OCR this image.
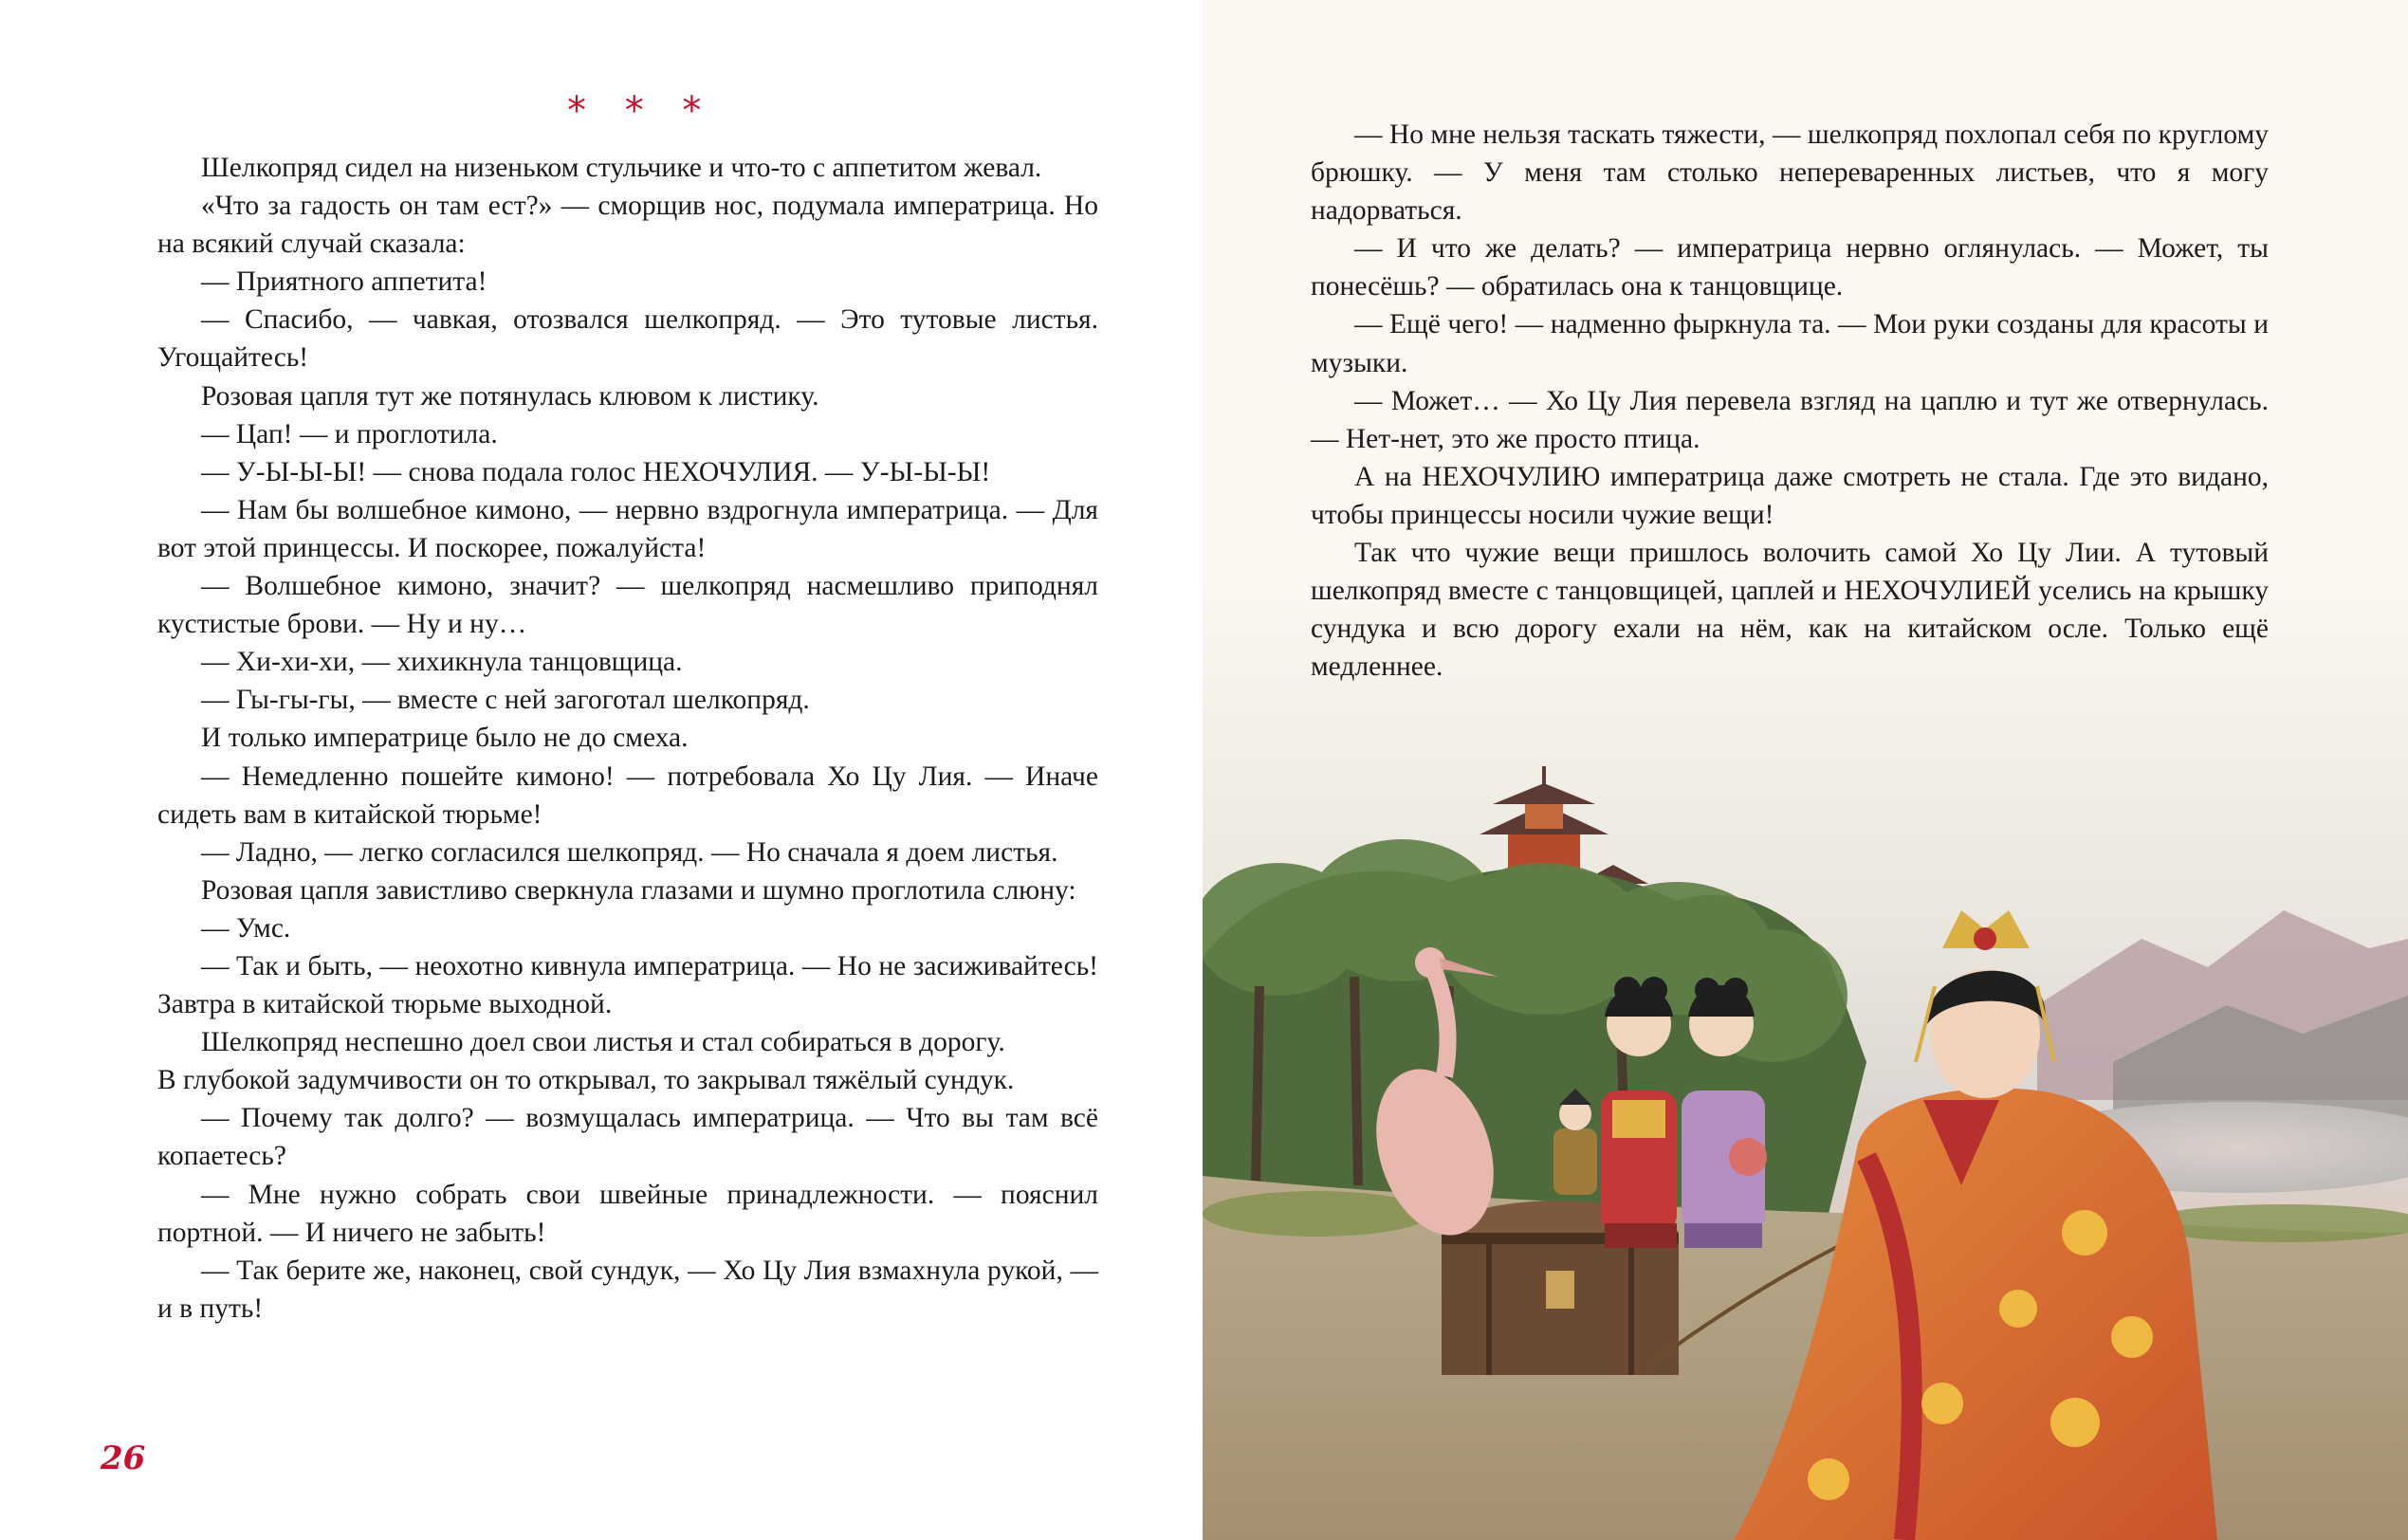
* * *

Шелкопряд сидел на низеньком стульчике и что-то с аппетитом жевал.

«Что за гадость он там ест?» — сморщив нос, подумала императрица. Но на всякий случай сказала:

— Приятного аппетита!

— Спасибо, — чавкая, отозвался шелкопряд. — Это тутовые листья. Угощайтесь!

Розовая цапля тут же потянулась клювом к листику.

— Цап! — и проглотила.

— У-Ы-Ы-Ы! — снова подала голос НЕХОЧУЛИЯ. — У-Ы-Ы-Ы!

— Нам бы волшебное кимоно, — нервно вздрогнула императрица. — Для вот этой принцессы. И поскорее, пожалуйста!

— Волшебное кимоно, значит? — шелкопряд насмешливо приподнял кустистые брови. — Ну и ну…

— Хи-хи-хи, — хихикнула танцовщица.

— Гы-гы-гы, — вместе с ней загоготал шелкопряд.

И только императрице было не до смеха.

— Немедленно пошейте кимоно! — потребовала Хо Цу Лия. — Иначе сидеть вам в китайской тюрьме!

— Ладно, — легко согласился шелкопряд. — Но сначала я доем листья.

Розовая цапля завистливо сверкнула глазами и шумно проглотила слюну:

— Умс.

— Так и быть, — неохотно кивнула императрица. — Но не засиживайтесь! Завтра в китайской тюрьме выходной.

Шелкопряд неспешно доел свои листья и стал собираться в дорогу.

В глубокой задумчивости он то открывал, то закрывал тяжёлый сундук.

— Почему так долго? — возмущалась императрица. — Что вы там всё копаетесь?

— Мне нужно собрать свои швейные принадлежности. — пояснил портной. — И ничего не забыть!

— Так берите же, наконец, свой сундук, — Хо Цу Лия взмахнула рукой, — и в путь!

26

— Но мне нельзя таскать тяжести, — шелкопряд похлопал себя по круглому брюшку. — У меня там столько непереваренных листьев, что я могу надорваться.

— И что же делать? — императрица нервно оглянулась. — Может, ты понесёшь? — обратилась она к танцовщице.

— Ещё чего! — надменно фыркнула та. — Мои руки созданы для красоты и музыки.

— Может… — Хо Цу Лия перевела взгляд на цаплю и тут же отвернулась. — Нет-нет, это же просто птица.

А на НЕХОЧУЛИЮ императрица даже смотреть не стала. Где это видано, чтобы принцессы носили чужие вещи!

Так что чужие вещи пришлось волочить самой Хо Цу Лии. А тутовый шелкопряд вместе с танцовщицей, цаплей и НЕХОЧУЛИЕЙ уселись на крышку сундука и всю дорогу ехали на нём, как на китайском осле. Только ещё медленнее.
